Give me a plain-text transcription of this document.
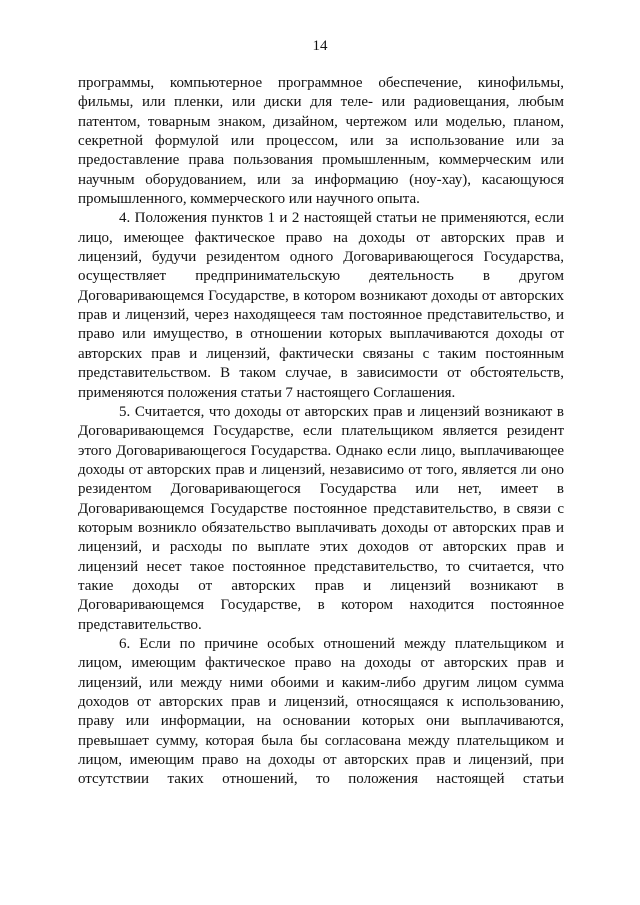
14

программы, компьютерное программное обеспечение, кинофильмы, фильмы, или пленки, или диски для теле- или радиовещания, любым патентом, товарным знаком, дизайном, чертежом или моделью, планом, секретной формулой или процессом, или за использование или за предоставление права пользования промышленным, коммерческим или научным оборудованием, или за информацию (ноу-хау), касающуюся промышленного, коммерческого или научного опыта.

4. Положения пунктов 1 и 2 настоящей статьи не применяются, если лицо, имеющее фактическое право на доходы от авторских прав и лицензий, будучи резидентом одного Договаривающегося Государства, осуществляет предпринимательскую деятельность в другом Договаривающемся Государстве, в котором возникают доходы от авторских прав и лицензий, через находящееся там постоянное представительство, и право или имущество, в отношении которых выплачиваются доходы от авторских прав и лицензий, фактически связаны с таким постоянным представительством. В таком случае, в зависимости от обстоятельств, применяются положения статьи 7 настоящего Соглашения.

5. Считается, что доходы от авторских прав и лицензий возникают в Договаривающемся Государстве, если плательщиком является резидент этого Договаривающегося Государства. Однако если лицо, выплачивающее доходы от авторских прав и лицензий, независимо от того, является ли оно резидентом Договаривающегося Государства или нет, имеет в Договаривающемся Государстве постоянное представительство, в связи с которым возникло обязательство выплачивать доходы от авторских прав и лицензий, и расходы по выплате этих доходов от авторских прав и лицензий несет такое постоянное представительство, то считается, что такие доходы от авторских прав и лицензий возникают в Договаривающемся Государстве, в котором находится постоянное представительство.

6. Если по причине особых отношений между плательщиком и лицом, имеющим фактическое право на доходы от авторских прав и лицензий, или между ними обоими и каким-либо другим лицом сумма доходов от авторских прав и лицензий, относящаяся к использованию, праву или информации, на основании которых они выплачиваются, превышает сумму, которая была бы согласована между плательщиком и лицом, имеющим право на доходы от авторских прав и лицензий, при отсутствии таких отношений, то положения настоящей статьи
